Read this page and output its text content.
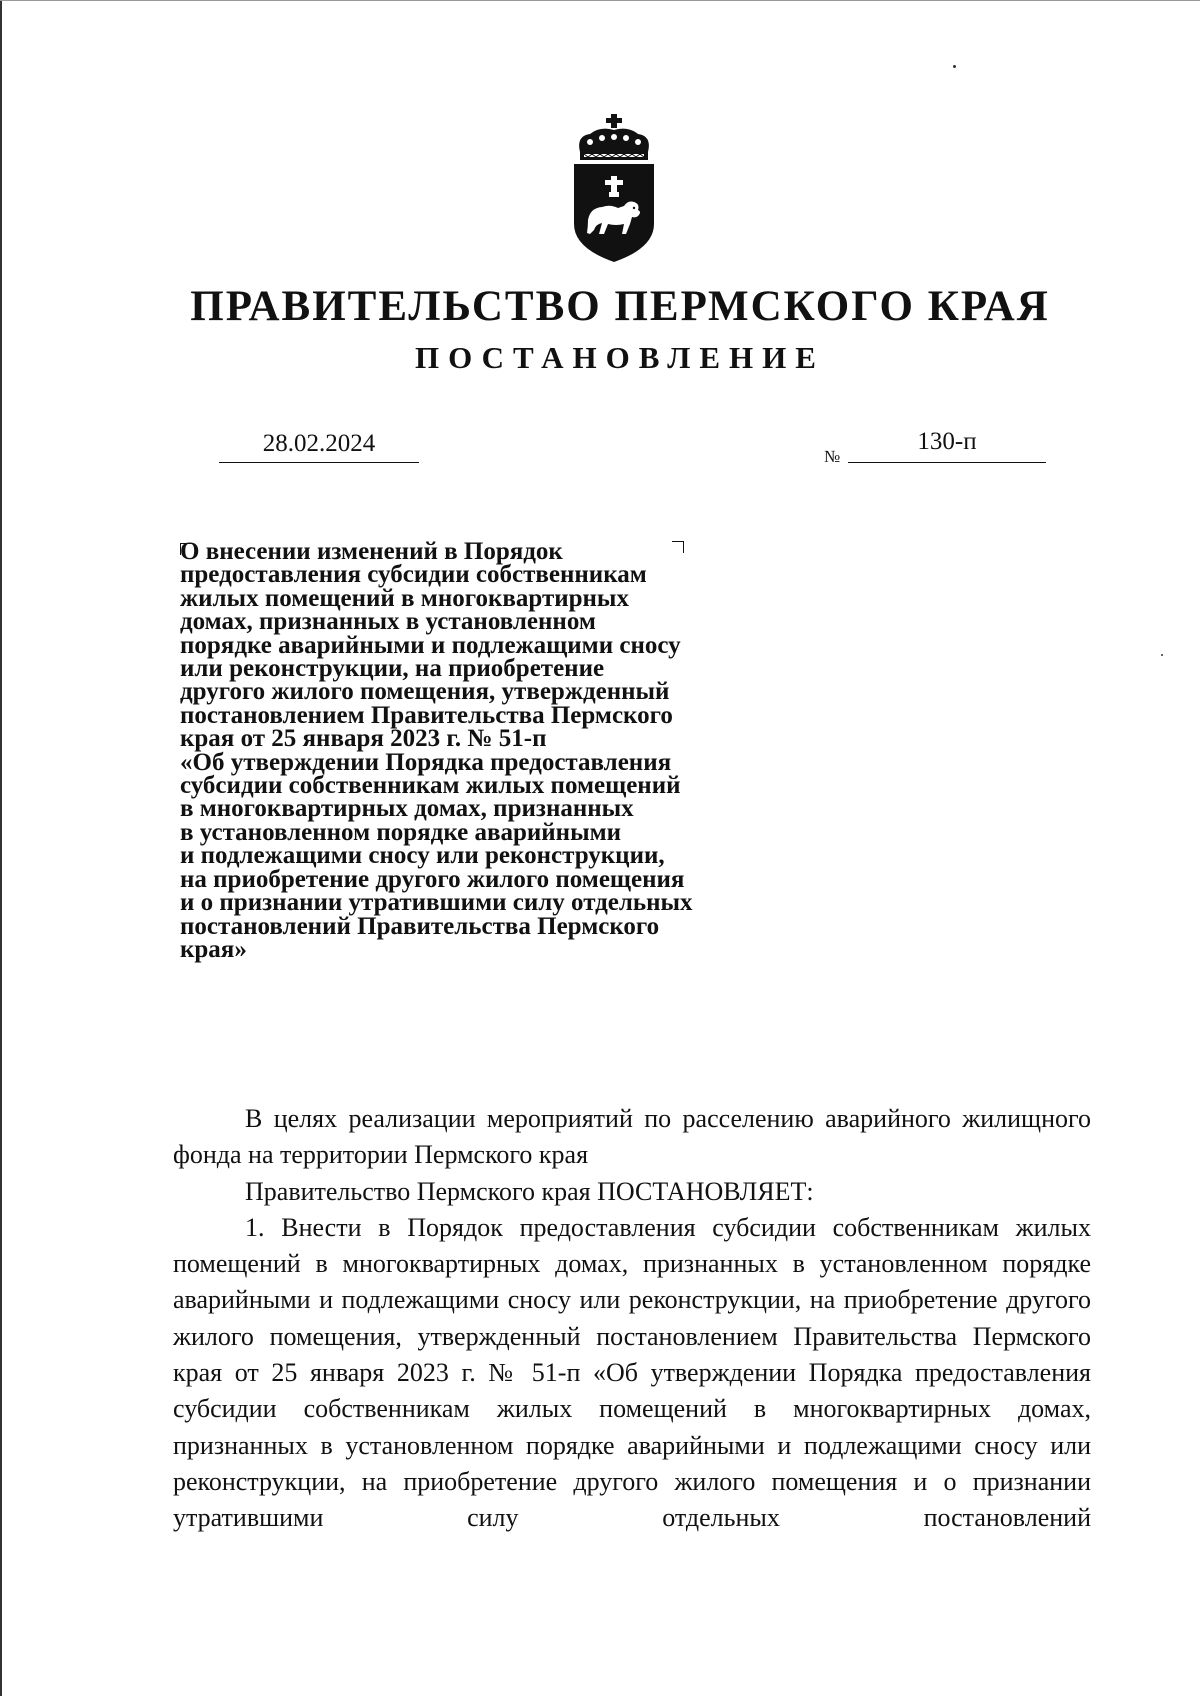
ПРАВИТЕЛЬСТВО ПЕРМСКОГО КРАЯ
ПОСТАНОВЛЕНИЕ
28.02.2024	№
130-п
О внесении изменений в Порядок
предоставления субсидии собственникам
жилых помещений в многоквартирных
домах, признанных в установленном
порядке аварийными и подлежащими сносу
или реконструкции, на приобретение
другого жилого помещения, утвержденный
постановлением Правительства Пермского
края от 25 января 2023 г. № 51-п
«Об утверждении Порядка предоставления
субсидии собственникам жилых помещений
в многоквартирных домах, признанных
в установленном порядке аварийными
и подлежащими сносу или реконструкции,
на приобретение другого жилого помещения
и о признании утратившими силу отдельных
постановлений Правительства Пермского
края»

В целях реализации мероприятий по расселению аварийного жилищного фонда на территории Пермского края

Правительство Пермского края ПОСТАНОВЛЯЕТ:

1. Внести в Порядок предоставления субсидии собственникам жилых помещений в многоквартирных домах, признанных в установленном порядке аварийными и подлежащими сносу или реконструкции, на приобретение другого жилого помещения, утвержденный постановлением Правительства Пермского края от 25 января 2023 г. № 51-п «Об утверждении Порядка предоставления субсидии собственникам жилых помещений в многоквартирных домах, признанных в установленном порядке аварийными и подлежащими сносу или реконструкции, на приобретение другого жилого помещения и о признании утратившими силу отдельных постановлений
